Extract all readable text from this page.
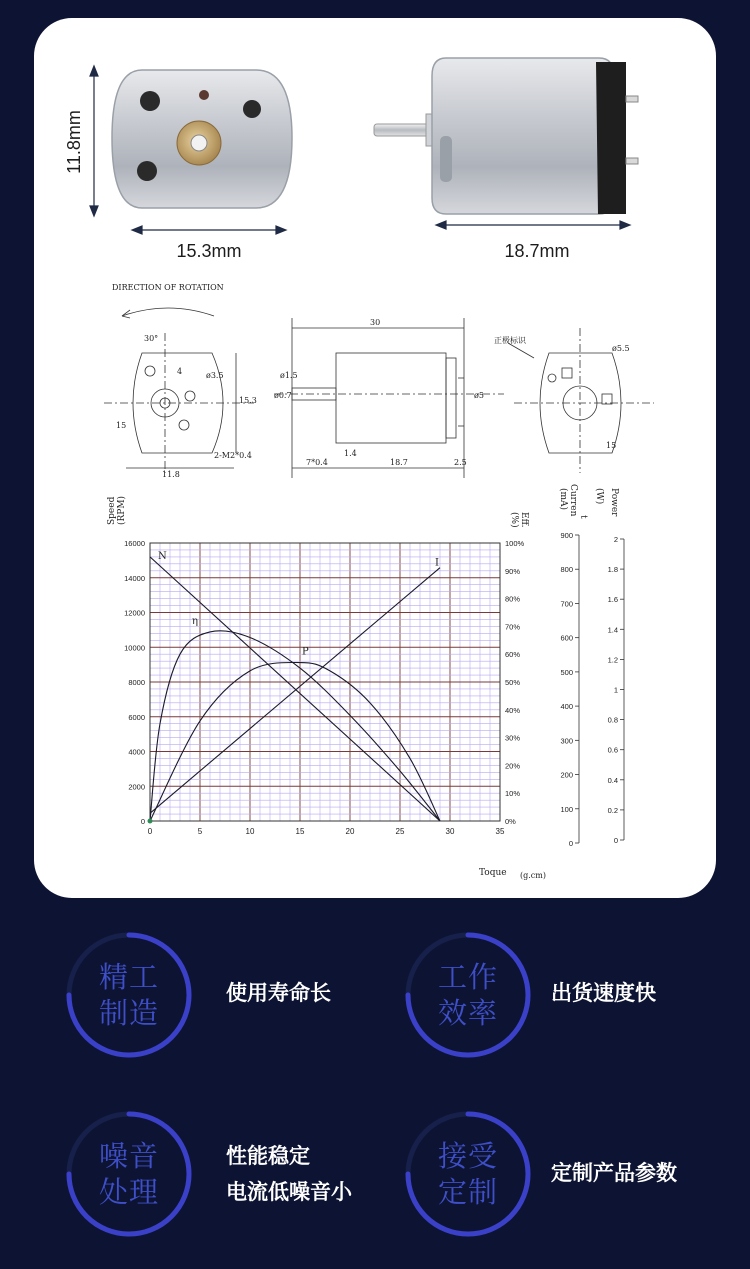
11.8mm
15.3mm	18.7mm
DIRECTION OF ROTATION
正极标识
30°
4	ø3.5
15.3
15
2-M2*0.4
11.8
30
ø1.5
ø0.7	ø5
7*0.4
1.4
18.7	2.5
ø5.5
15
0	5	10	15	20	25	30	35
Toque (g.cm)
0
2000
4000
6000
8000
10000
12000
14000
16000
Speed (RPM)
0%
10%
20%
30%
40%
50%
60%
70%
80%
90%
100%
(%) Eff.
0
100
200
300
400
500
600
700
800
900
(mA) Curren
t
0
0.2
0.4
0.6
0.8
1
1.2
1.4
1.6
1.8
2
(W) Power
N
I
η
P
精工
制造
使用寿命长	工作
效率
出货速度快
噪音
处理
性能稳定
电流低噪音小
接受
定制
定制产品参数
